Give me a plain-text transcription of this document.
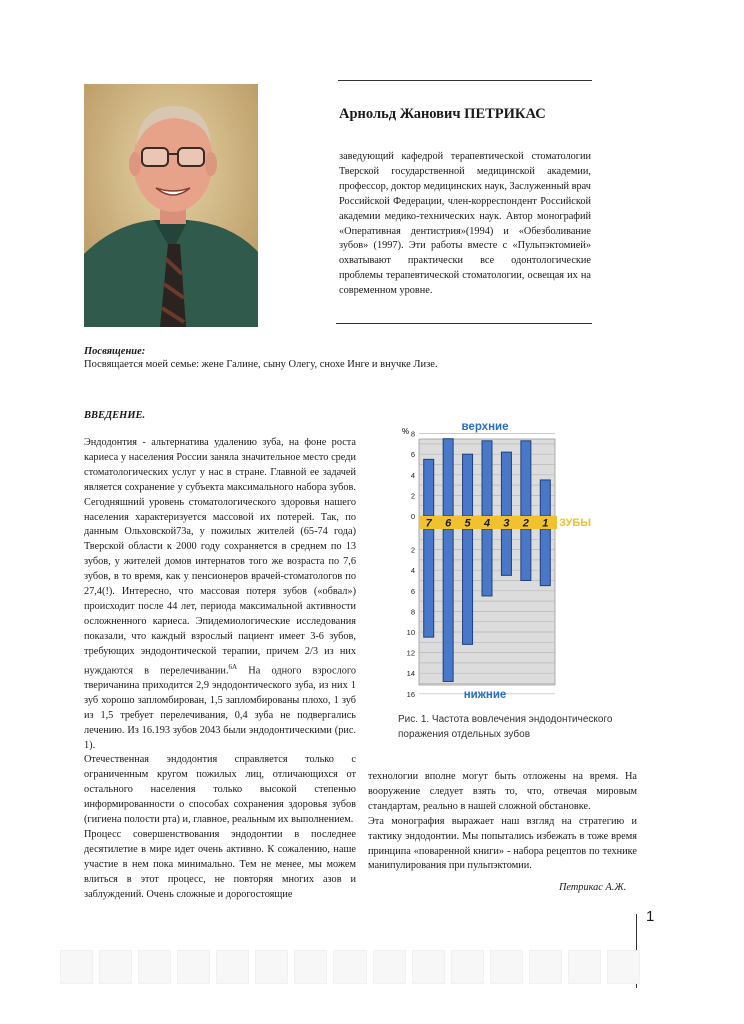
Арнольд Жанович ПЕТРИКАС
заведующий кафедрой терапевтической стоматологии Тверской государственной медицинской академии, профессор, доктор медицинских наук, Заслуженный врач Российской Федерации, член-корреспондент Российской академии медико-технических наук. Автор монографий «Оперативная дентистрия»(1994) и «Обезболивание зубов» (1997). Эти работы вместе с «Пульпэктомией» охватывают практически все одонтологические проблемы терапевтической стоматологии, освещая их на современном уровне.
Посвящение:
Посвящается моей семье: жене Галине, сыну Олегу, снохе Инге и внучке Лизе.
ВВЕДЕНИЕ.

Эндодонтия - альтернатива удалению зуба, на фоне роста кариеса у населения России заняла значительное место среди стоматологических услуг у нас в стране. Главной ее задачей является сохранение у субъекта максимального набора зубов. Сегодняшний уровень стоматологического здоровья нашего населения характеризуется массовой их потерей. Так, по данным Ольховской73а, у пожилых жителей (65-74 года) Тверской области к 2000 году сохраняется в среднем по 13 зубов, у жителей домов интернатов того же возраста по 7,6 зубов, в то время, как у пенсионеров врачей-стоматологов по 27,4(!). Интересно, что массовая потеря зубов («обвал») происходит после 44 лет, периода максимальной активности осложненного кариеса. Эпидемиологические исследования показали, что каждый взрослый пациент имеет 3-6 зубов, требующих эндодонтической терапии, причем 2/3 из них нуждаются в перелечивании.$^{6А}$ На одного взрослого тверичанина приходится 2,9 эндодонтического зуба, из них 1 зуб хорошо запломбирован, 1,5 запломбированы плохо, 1 зуб из 1,5 требует перелечивания, 0,4 зуба не подвергались лечению. Из 16.193 зубов 2043 были эндодонтическими (рис. 1).

Отечественная эндодонтия справляется только с ограниченным кругом пожилых лиц, отличающихся от остального населения только высокой степенью информированности о способах сохранения здоровья зубов (гигиена полости рта) и, главное, реальным их выполнением.

Процесс совершенствования эндодонтии в последнее десятилетие в мире идет очень активно. К сожалению, наше участие в нем пока минимально. Тем не менее, мы можем влиться в этот процесс, не повторяя многих азов и заблуждений. Очень сложные и дорогостоящие

технологии вполне могут быть отложены на время. На вооружение следует взять то, что, отвечая мировым стандартам, реально в нашей сложной обстановке.

Эта монография выражает наш взгляд на стратегию и тактику эндодонтии. Мы попытались избежать в тоже время принципа «поваренной книги» - набора рецептов по технике манипулирования при пульпэктомии.

Петрикас А.Ж.
верхние
%
0
2
4
6
8
2
4
6
8
10
12
14
16
7 6 5 4 3 2 1 ЗУБЫ
нижние
Рис. 1. Частота вовлечения эндодонтического поражения отдельных зубов
1
